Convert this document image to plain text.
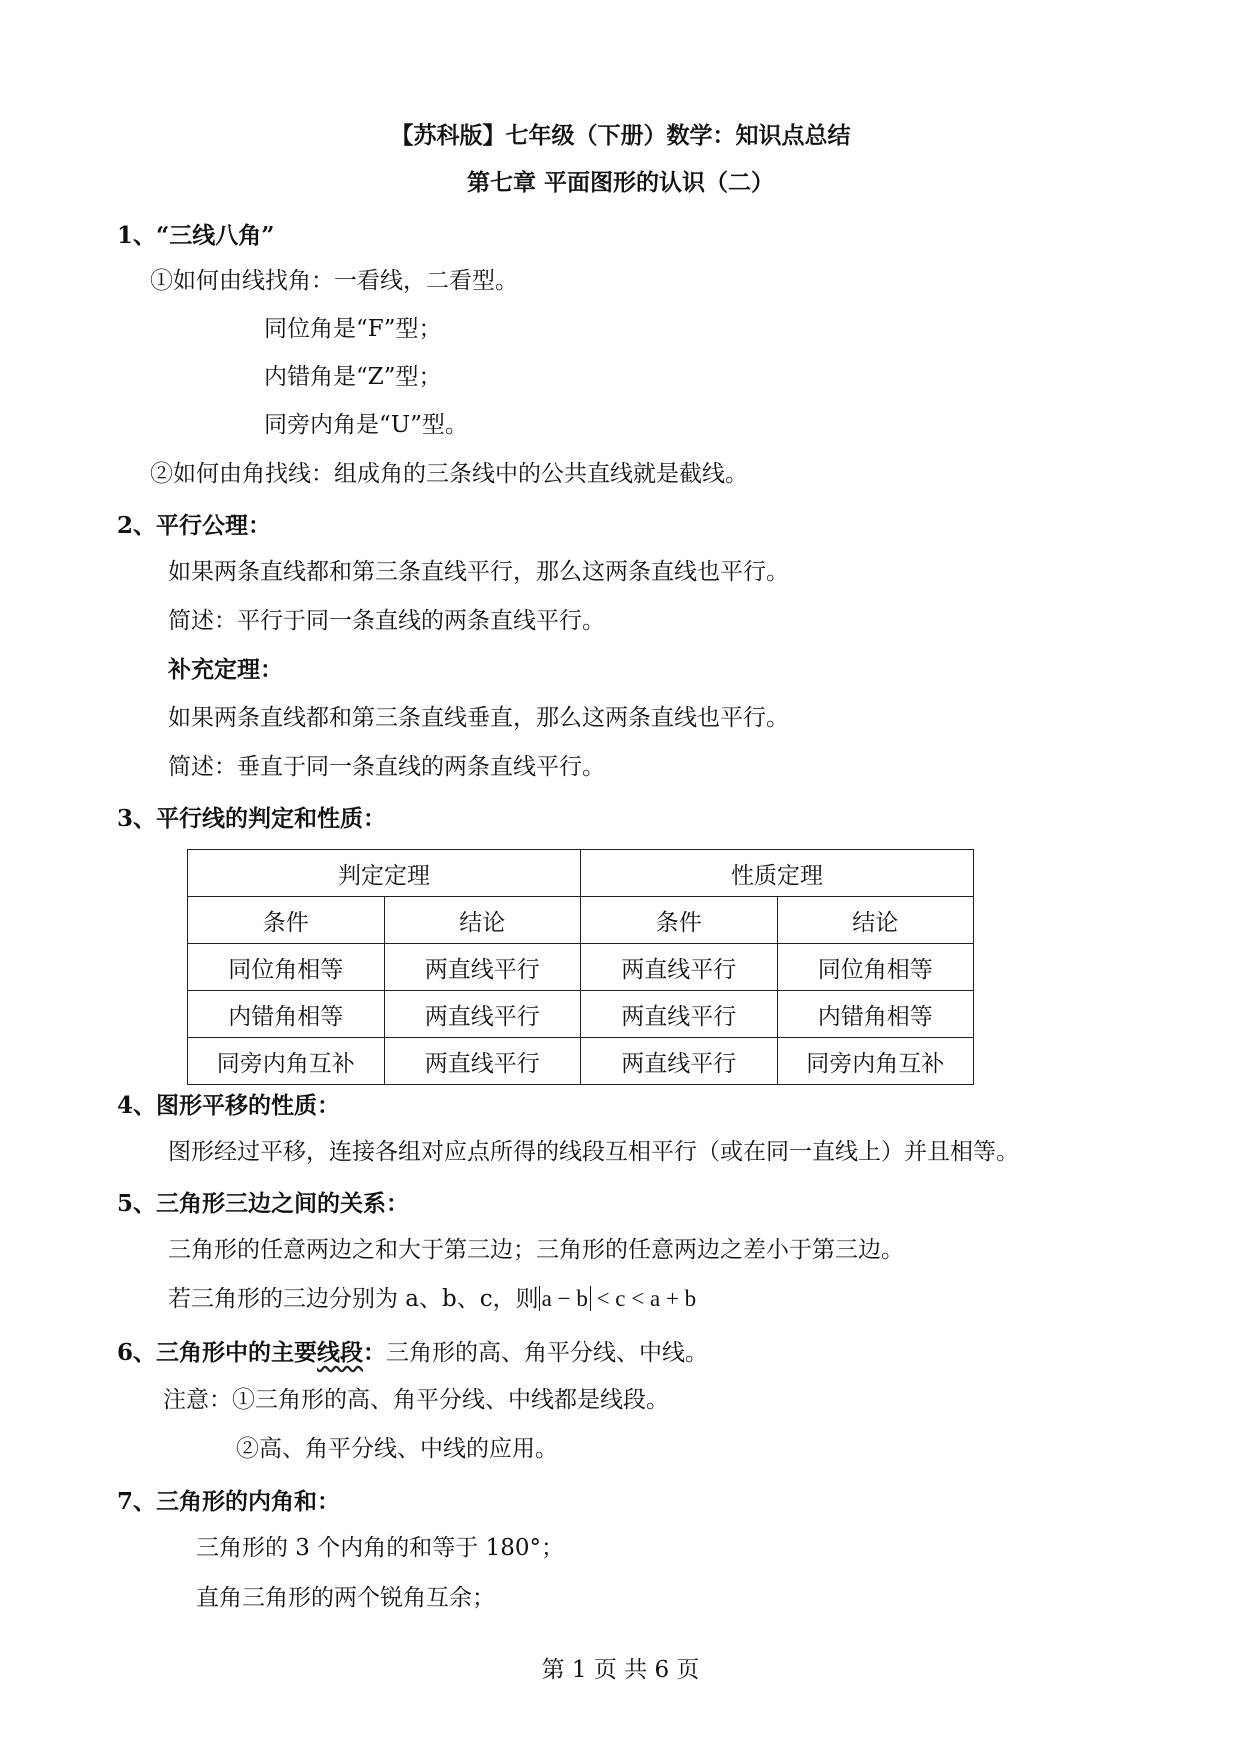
【苏科版】七年级（下册）数学：知识点总结
第七章 平面图形的认识（二）
1、“三线八角”
①如何由线找角：一看线，二看型。
同位角是“F”型；
内错角是“Z”型；
同旁内角是“U”型。
②如何由角找线：组成角的三条线中的公共直线就是截线。
2、平行公理：
如果两条直线都和第三条直线平行，那么这两条直线也平行。
简述：平行于同一条直线的两条直线平行。
补充定理：
如果两条直线都和第三条直线垂直，那么这两条直线也平行。
简述：垂直于同一条直线的两条直线平行。
3、平行线的判定和性质：
判定定理		性质定理	
条件	结论	条件	结论
同位角相等	两直线平行	两直线平行	同位角相等
内错角相等	两直线平行	两直线平行	内错角相等
同旁内角互补	两直线平行	两直线平行	同旁内角互补
4、图形平移的性质：
图形经过平移，连接各组对应点所得的线段互相平行（或在同一直线上）并且相等。
5、三角形三边之间的关系：
三角形的任意两边之和大于第三边；三角形的任意两边之差小于第三边。
若三角形的三边分别为 a、b、c，则 a − b < c < a + b
6、三角形中的主要线段：三角形的高、角平分线、中线。
注意：①三角形的高、角平分线、中线都是线段。
②高、角平分线、中线的应用。
7、三角形的内角和：
三角形的 3 个内角的和等于 180°；
直角三角形的两个锐角互余；
第 1 页 共 6 页
